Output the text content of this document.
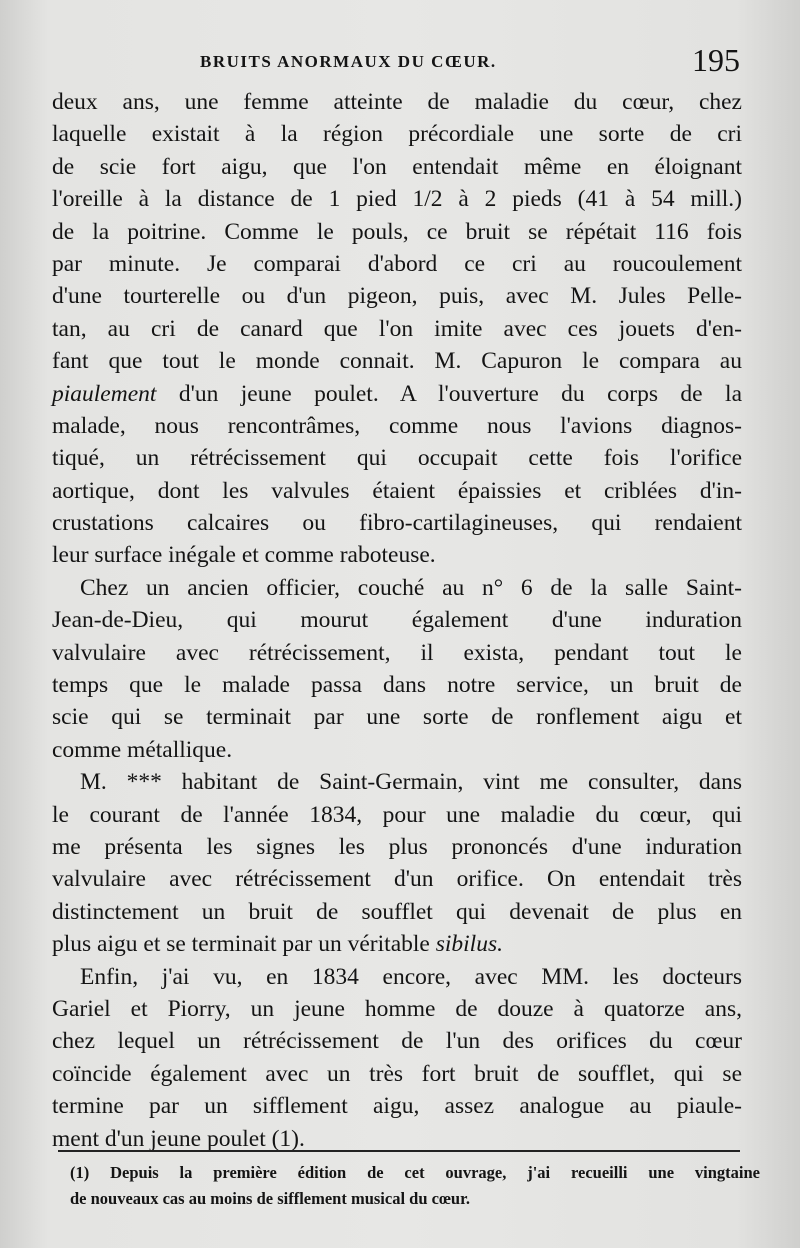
BRUITS ANORMAUX DU CŒUR.	195
deux ans, une femme atteinte de maladie du cœur, chez
laquelle existait à la région précordiale une sorte de cri
de scie fort aigu, que l'on entendait même en éloignant
l'oreille à la distance de 1 pied 1/2 à 2 pieds (41 à 54 mill.)
de la poitrine. Comme le pouls, ce bruit se répétait 116 fois
par minute. Je comparai d'abord ce cri au roucoulement
d'une tourterelle ou d'un pigeon, puis, avec M. Jules Pelle-
tan, au cri de canard que l'on imite avec ces jouets d'en-
fant que tout le monde connait. M. Capuron le compara au
piaulement d'un jeune poulet. A l'ouverture du corps de la
malade, nous rencontrâmes, comme nous l'avions diagnos-
tiqué, un rétrécissement qui occupait cette fois l'orifice
aortique, dont les valvules étaient épaissies et criblées d'in-
crustations calcaires ou fibro-cartilagineuses, qui rendaient
leur surface inégale et comme raboteuse.
Chez un ancien officier, couché au n° 6 de la salle Saint-
Jean-de-Dieu, qui mourut également d'une induration
valvulaire avec rétrécissement, il exista, pendant tout le
temps que le malade passa dans notre service, un bruit de
scie qui se terminait par une sorte de ronflement aigu et
comme métallique.
M. *** habitant de Saint-Germain, vint me consulter, dans
le courant de l'année 1834, pour une maladie du cœur, qui
me présenta les signes les plus prononcés d'une induration
valvulaire avec rétrécissement d'un orifice. On entendait très
distinctement un bruit de soufflet qui devenait de plus en
plus aigu et se terminait par un véritable sibilus.
Enfin, j'ai vu, en 1834 encore, avec MM. les docteurs
Gariel et Piorry, un jeune homme de douze à quatorze ans,
chez lequel un rétrécissement de l'un des orifices du cœur
coïncide également avec un très fort bruit de soufflet, qui se
termine par un sifflement aigu, assez analogue au piaule-
ment d'un jeune poulet (1).
(1) Depuis la première édition de cet ouvrage, j'ai recueilli une vingtaine
de nouveaux cas au moins de sifflement musical du cœur.
